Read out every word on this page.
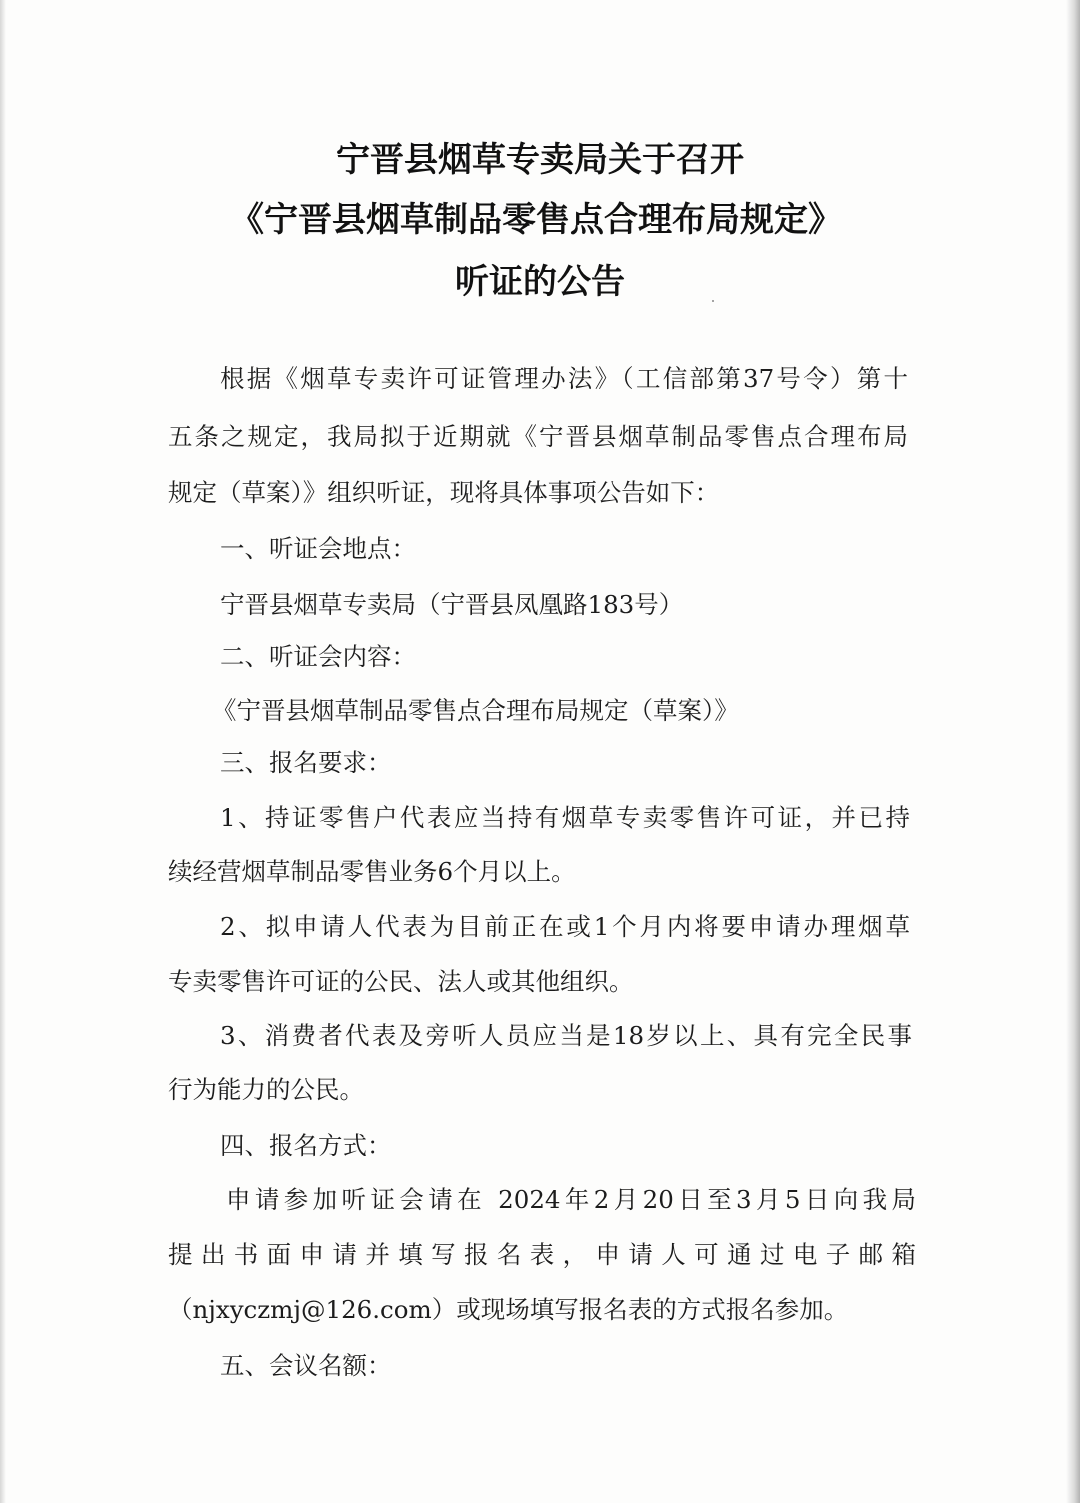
宁晋县烟草专卖局关于召开
《宁晋县烟草制品零售点合理布局规定》
听证的公告
根据《烟草专卖许可证管理办法》（工信部第37号令）第十
五条之规定，我局拟于近期就《宁晋县烟草制品零售点合理布局
规定（草案）》组织听证，现将具体事项公告如下：
一、听证会地点：
宁晋县烟草专卖局（宁晋县凤凰路183号）
二、听证会内容：
《宁晋县烟草制品零售点合理布局规定（草案）》
三、报名要求：
1、持证零售户代表应当持有烟草专卖零售许可证，并已持
续经营烟草制品零售业务6个月以上。
2、拟申请人代表为目前正在或1个月内将要申请办理烟草
专卖零售许可证的公民、法人或其他组织。
3、消费者代表及旁听人员应当是18岁以上、具有完全民事
行为能力的公民。
四、报名方式：
申请参加听证会请在 2024年2月20日至3月5日向我局
提出书面申请并填写报名表，申请人可通过电子邮箱
（njxyczmj@126.com）或现场填写报名表的方式报名参加。
五、会议名额：
